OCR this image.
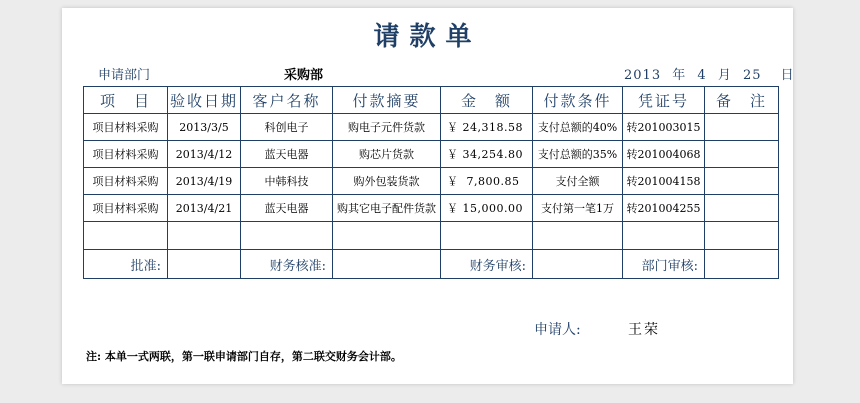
请款单
申请部门	采购部	2013 年 4 月 25 日
项　目	验收日期	客户名称	付款摘要	金　额	付款条件	凭证号	备　注
项目材料采购	2013/3/5	科创电子	购电子元件货款	￥ 24,318.58	支付总额的40%	转201003015	
项目材料采购	2013/4/12	蓝天电器	购芯片货款	￥ 34,254.80	支付总额的35%	转201004068	
项目材料采购	2013/4/19	中韩科技	购外包装货款	￥  7,800.85	支付全额	转201004158	
项目材料采购	2013/4/21	蓝天电器	购其它电子配件货款	￥ 15,000.00	支付第一笔1万	转201004255	

批准:		财务核准:		财务审核:		部门审核:	
申请人:	王荣
注: 本单一式两联，第一联申请部门自存，第二联交财务会计部。
